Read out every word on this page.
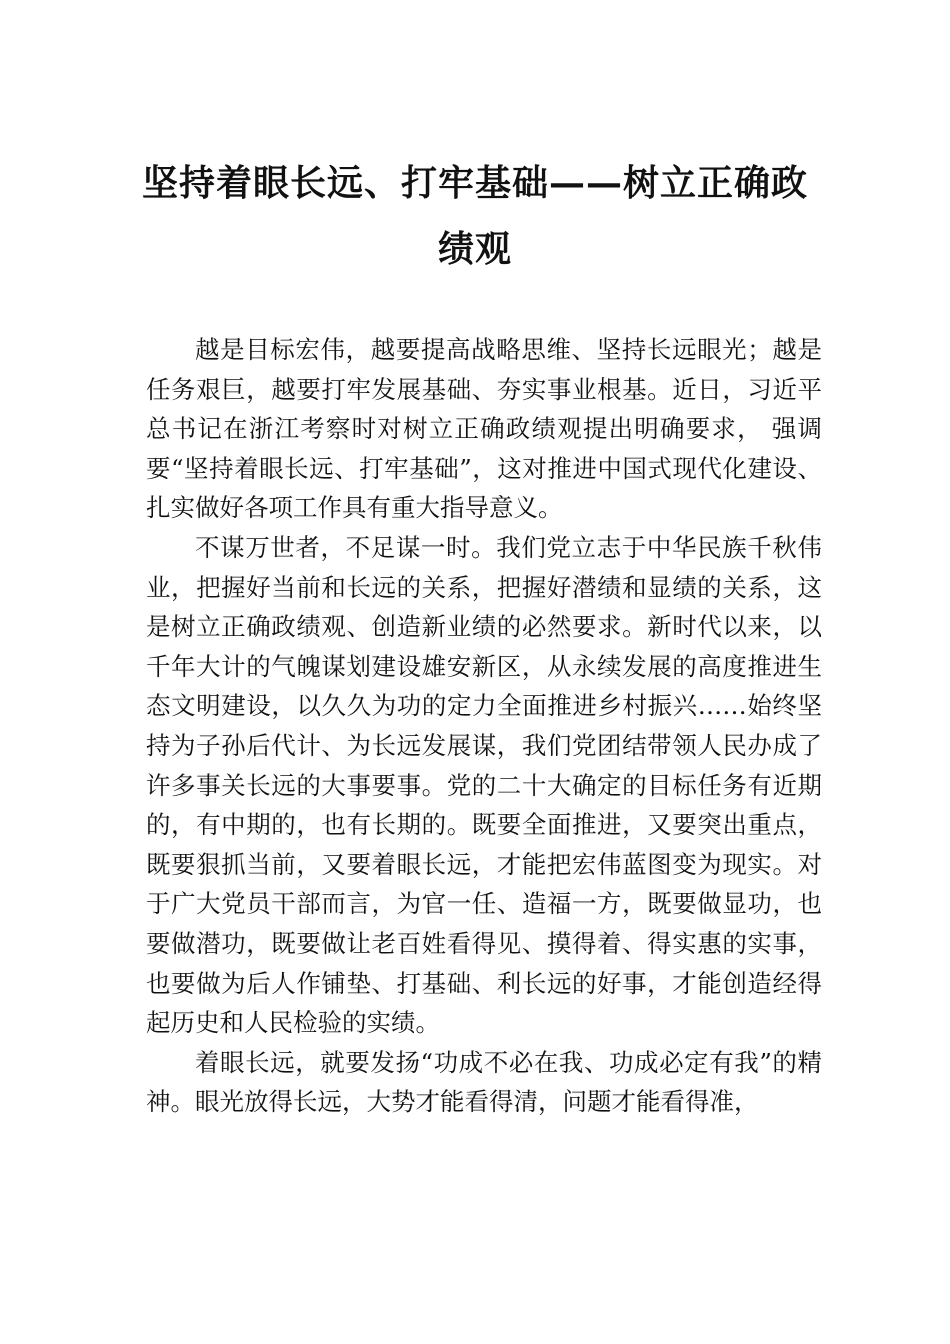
坚持着眼长远、打牢基础——树立正确政
绩观

越是目标宏伟，越要提高战略思维、坚持长远眼光；越是任务艰巨，越要打牢发展基础、夯实事业根基。近日，习近平总书记在浙江考察时对树立正确政绩观提出明确要求， 强调要“坚持着眼长远、打牢基础”，这对推进中国式现代化建设、扎实做好各项工作具有重大指导意义。

不谋万世者，不足谋一时。我们党立志于中华民族千秋伟业，把握好当前和长远的关系，把握好潜绩和显绩的关系，这是树立正确政绩观、创造新业绩的必然要求。新时代以来，以千年大计的气魄谋划建设雄安新区，从永续发展的高度推进生态文明建设，以久久为功的定力全面推进乡村振兴……始终坚持为子孙后代计、为长远发展谋，我们党团结带领人民办成了许多事关长远的大事要事。党的二十大确定的目标任务有近期的，有中期的，也有长期的。既要全面推进，又要突出重点，既要狠抓当前，又要着眼长远，才能把宏伟蓝图变为现实。对于广大党员干部而言，为官一任、造福一方，既要做显功，也要做潜功，既要做让老百姓看得见、摸得着、得实惠的实事，也要做为后人作铺垫、打基础、利长远的好事，才能创造经得起历史和人民检验的实绩。

着眼长远，就要发扬“功成不必在我、功成必定有我”的精神。眼光放得长远，大势才能看得清，问题才能看得准，
